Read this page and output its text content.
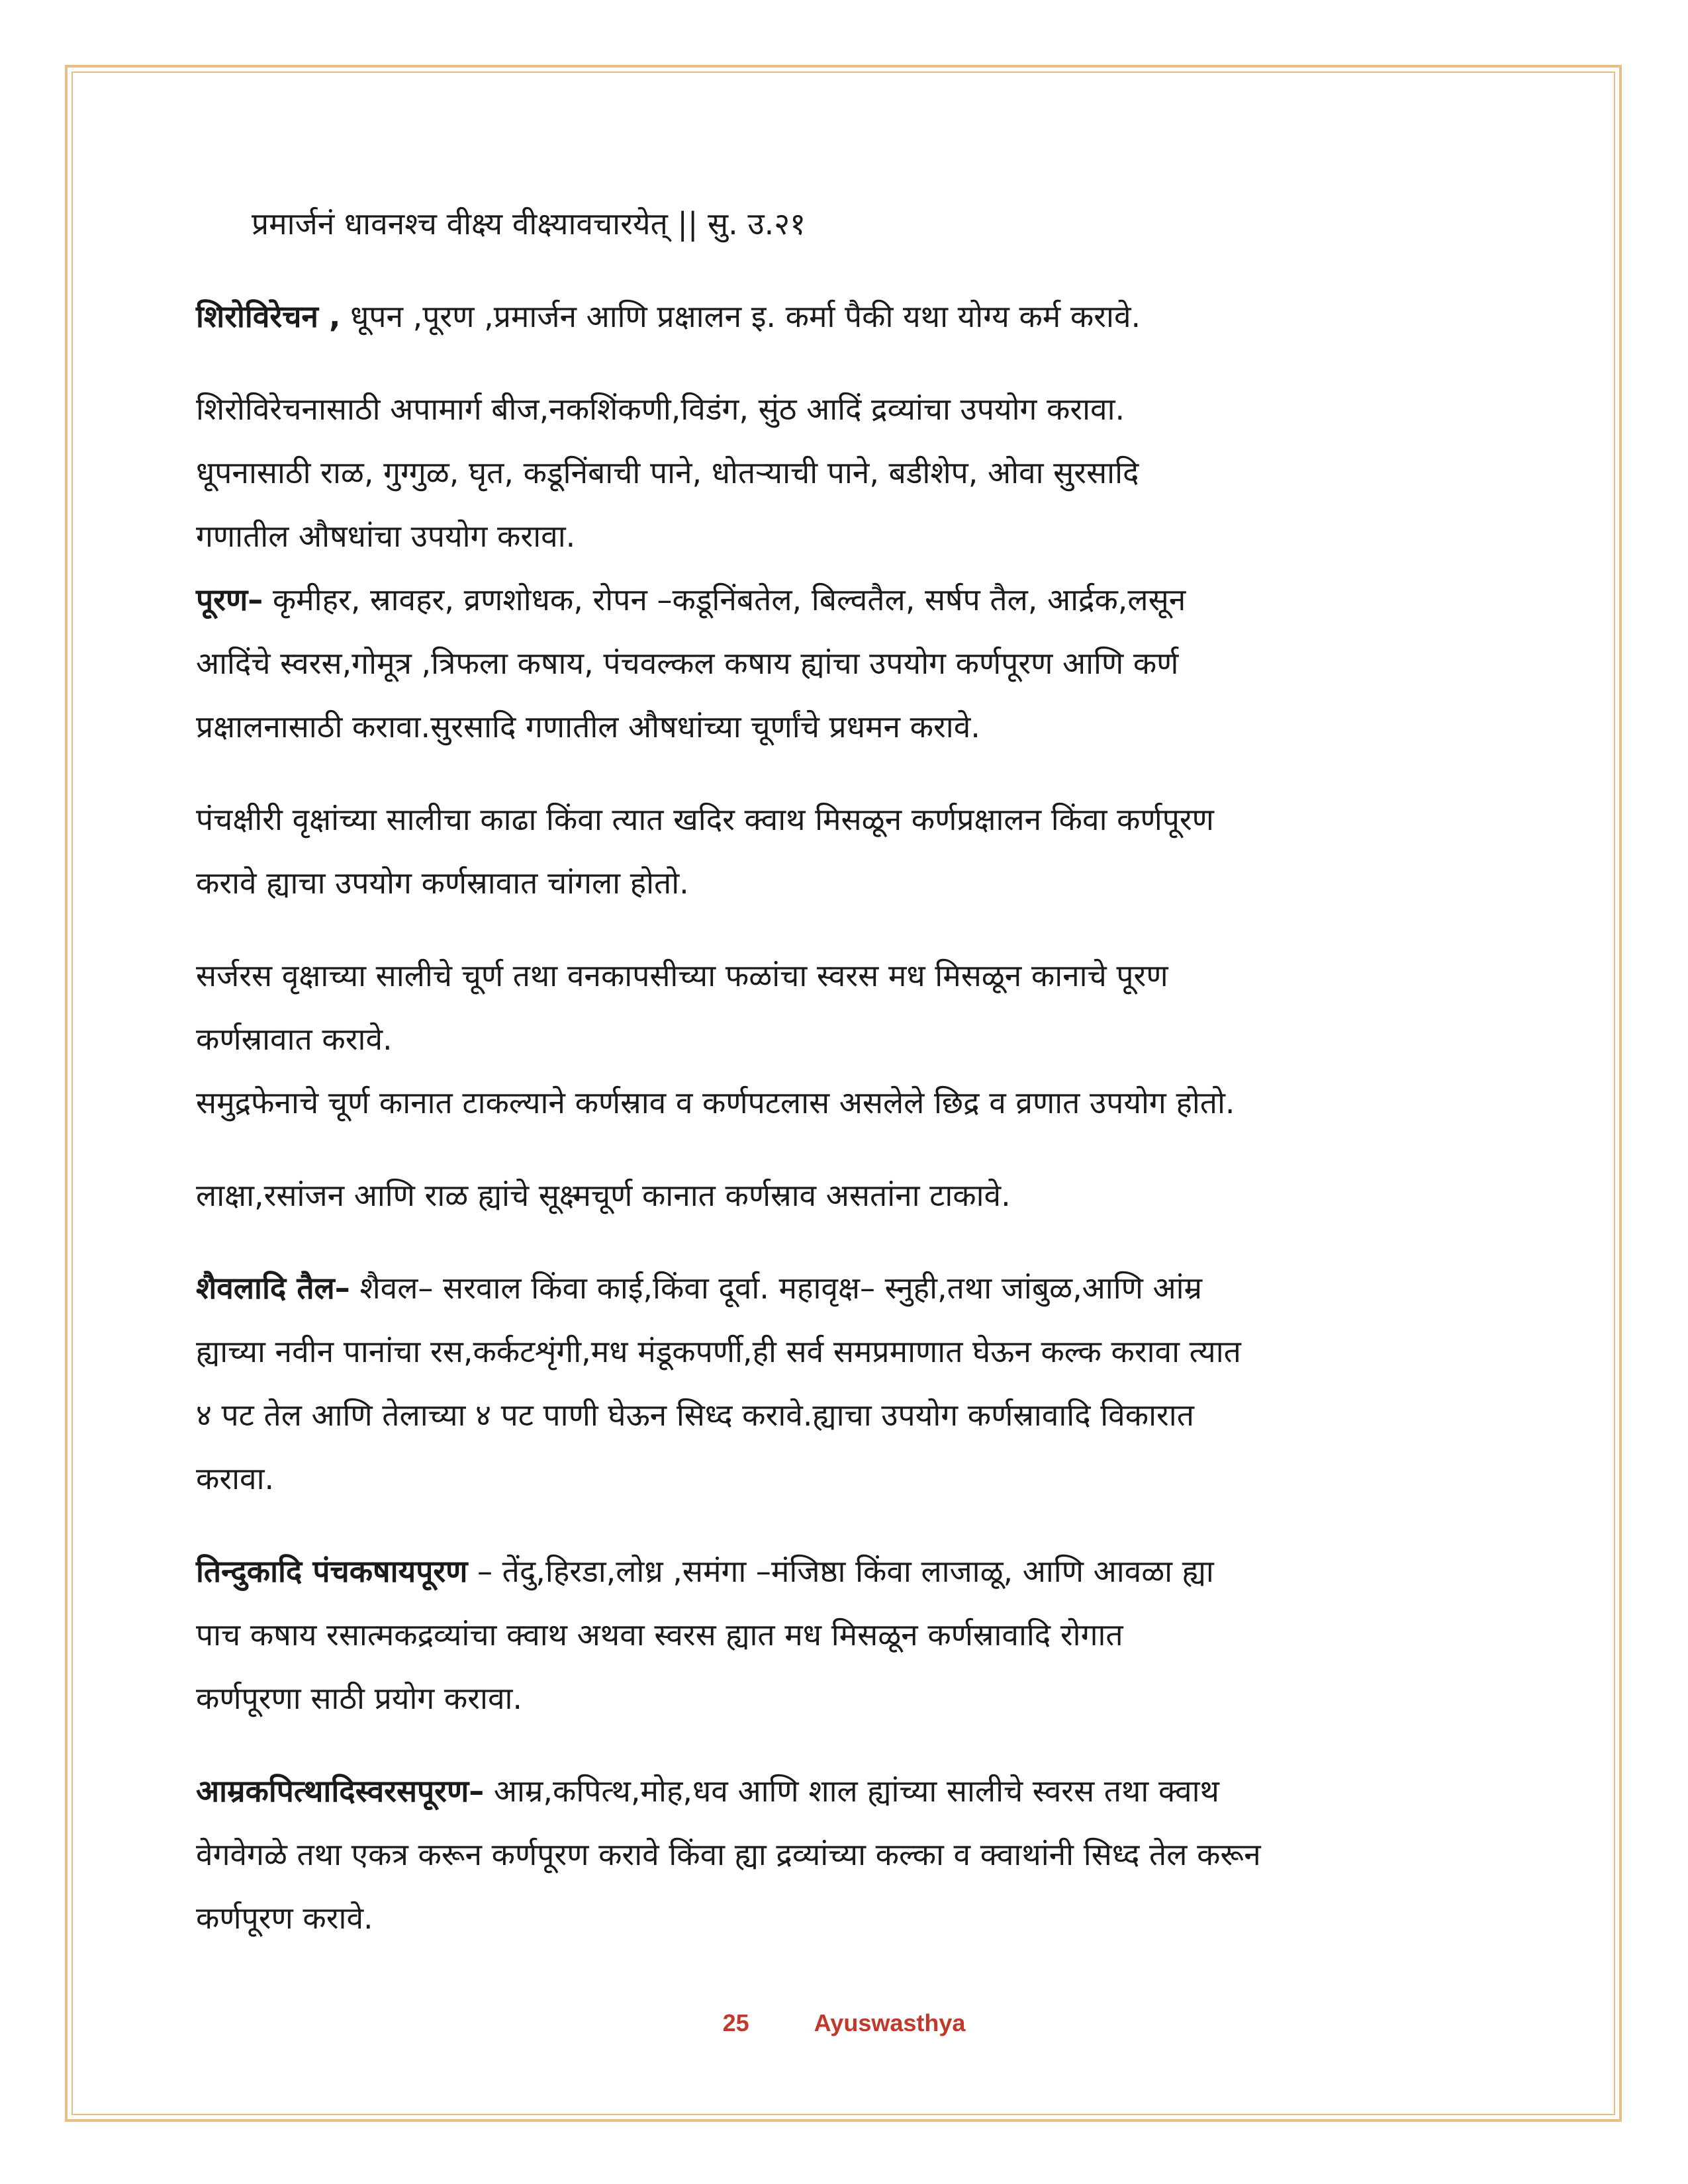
प्रमार्जनं धावनश्च वीक्ष्य वीक्ष्यावचारयेत् || सु. उ.२१
शिरोविरेचन , धूपन ,पूरण ,प्रमार्जन आणि प्रक्षालन इ. कर्मा पैकी यथा योग्य कर्म करावे.
शिरोविरेचनासाठी अपामार्ग बीज,नकशिंकणी,विडंग, सुंठ आदिं द्रव्यांचा उपयोग करावा.
धूपनासाठी राळ, गुग्गुळ, घृत, कडूनिंबाची पाने, धोतऱ्याची पाने, बडीशेप, ओवा सुरसादि
गणातील औषधांचा उपयोग करावा.
पूरण– कृमीहर, स्रावहर, व्रणशोधक, रोपन –कडूनिंबतेल, बिल्वतैल, सर्षप तैल, आर्द्रक,लसून
आदिंचे स्वरस,गोमूत्र ,त्रिफला कषाय, पंचवल्कल कषाय ह्यांचा उपयोग कर्णपूरण आणि कर्ण
प्रक्षालनासाठी करावा.सुरसादि गणातील औषधांच्या चूर्णांचे प्रधमन करावे.
पंचक्षीरी वृक्षांच्या सालीचा काढा किंवा त्यात खदिर क्वाथ मिसळून कर्णप्रक्षालन किंवा कर्णपूरण
करावे ह्याचा उपयोग कर्णस्रावात चांगला होतो.
सर्जरस वृक्षाच्या सालीचे चूर्ण तथा वनकापसीच्या फळांचा स्वरस मध मिसळून कानाचे पूरण
कर्णस्रावात करावे.
समुद्रफेनाचे चूर्ण कानात टाकल्याने कर्णस्राव व कर्णपटलास असलेले छिद्र व व्रणात उपयोग होतो.
लाक्षा,रसांजन आणि राळ ह्यांचे सूक्ष्मचूर्ण कानात कर्णस्राव असतांना टाकावे.
शैवलादि तैल– शैवल– सरवाल किंवा काई,किंवा दूर्वा. महावृक्ष– स्नुही,तथा जांबुळ,आणि आंम्र
ह्याच्या नवीन पानांचा रस,कर्कटशृंगी,मध मंडूकपर्णी,ही सर्व समप्रमाणात घेऊन कल्क करावा त्यात
४ पट तेल आणि तेलाच्या ४ पट पाणी घेऊन सिध्द करावे.ह्याचा उपयोग कर्णस्रावादि विकारात
करावा.
तिन्दुकादि पंचकषायपूरण – तेंदु,हिरडा,लोध्र ,समंगा –मंजिष्ठा किंवा लाजाळू, आणि आवळा ह्या
पाच कषाय रसात्मकद्रव्यांचा क्वाथ अथवा स्वरस ह्यात मध मिसळून कर्णस्रावादि रोगात
कर्णपूरणा साठी प्रयोग करावा.
आम्रकपित्थादिस्वरसपूरण– आम्र,कपित्थ,मोह,धव आणि शाल ह्यांच्या सालीचे स्वरस तथा क्वाथ
वेगवेगळे तथा एकत्र करून कर्णपूरण करावे किंवा ह्या द्रव्यांच्या कल्का व क्वाथांनी सिध्द तेल करून
कर्णपूरण करावे.
25	Ayuswasthya
